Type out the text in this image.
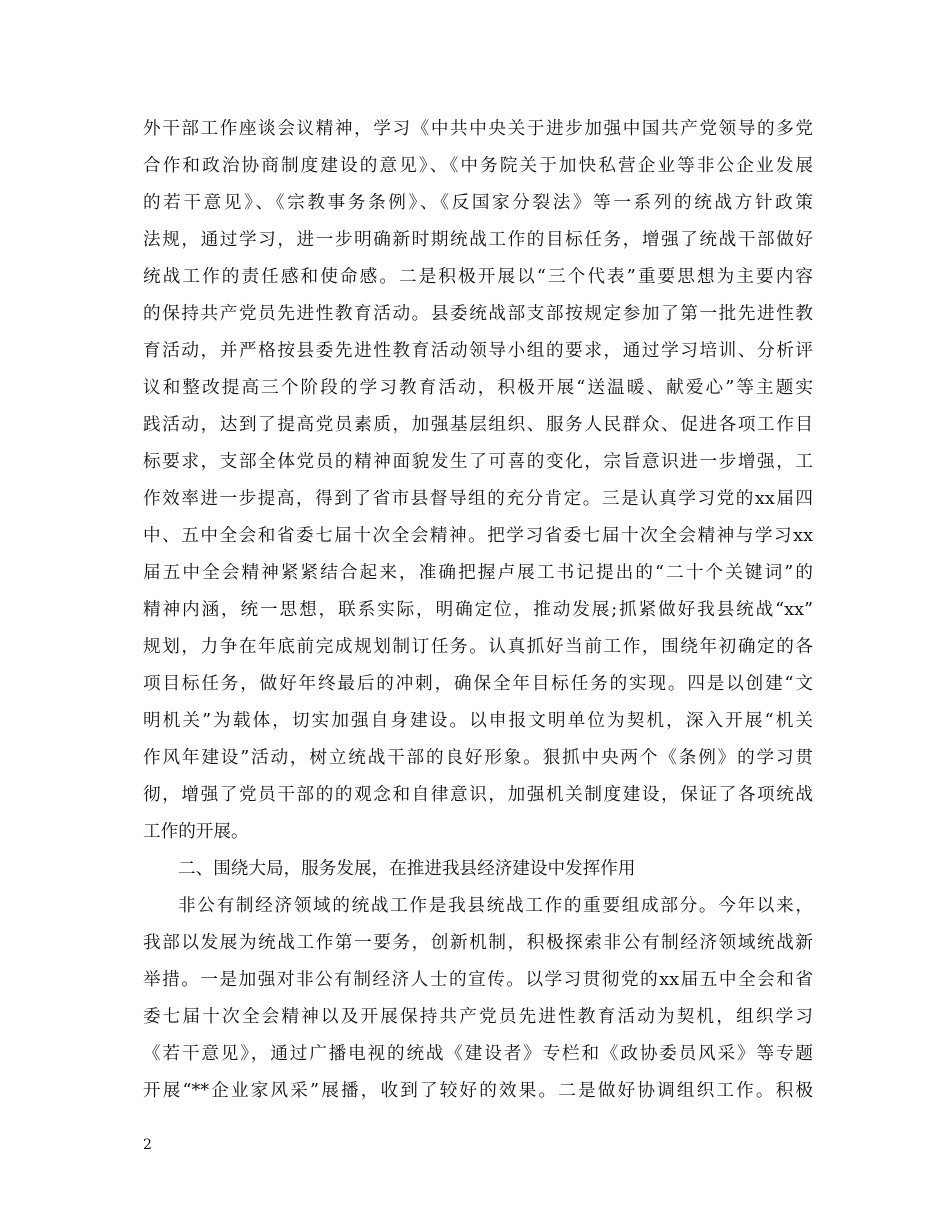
外干部工作座谈会议精神，学习《中共中央关于进步加强中国共产党领导的多党
合作和政治协商制度建设的意见》、《中务院关于加快私营企业等非公企业发展
的若干意见》、《宗教事务条例》、《反国家分裂法》等一系列的统战方针政策
法规，通过学习，进一步明确新时期统战工作的目标任务，增强了统战干部做好
统战工作的责任感和使命感。二是积极开展以“三个代表”重要思想为主要内容
的保持共产党员先进性教育活动。县委统战部支部按规定参加了第一批先进性教
育活动，并严格按县委先进性教育活动领导小组的要求，通过学习培训、分析评
议和整改提高三个阶段的学习教育活动，积极开展“送温暖、献爱心”等主题实
践活动，达到了提高党员素质，加强基层组织、服务人民群众、促进各项工作目
标要求，支部全体党员的精神面貌发生了可喜的变化，宗旨意识进一步增强，工
作效率进一步提高，得到了省市县督导组的充分肯定。三是认真学习党的xx届四
中、五中全会和省委七届十次全会精神。把学习省委七届十次全会精神与学习xx
届五中全会精神紧紧结合起来，准确把握卢展工书记提出的“二十个关键词”的
精神内涵，统一思想，联系实际，明确定位，推动发展;抓紧做好我县统战“xx”
规划，力争在年底前完成规划制订任务。认真抓好当前工作，围绕年初确定的各
项目标任务，做好年终最后的冲刺，确保全年目标任务的实现。四是以创建“文
明机关”为载体，切实加强自身建设。以申报文明单位为契机，深入开展“机关
作风年建设”活动，树立统战干部的良好形象。狠抓中央两个《条例》的学习贯
彻，增强了党员干部的的观念和自律意识，加强机关制度建设，保证了各项统战
工作的开展。
二、围绕大局，服务发展，在推进我县经济建设中发挥作用
非公有制经济领域的统战工作是我县统战工作的重要组成部分。今年以来，
我部以发展为统战工作第一要务，创新机制，积极探索非公有制经济领域统战新
举措。一是加强对非公有制经济人士的宣传。以学习贯彻党的xx届五中全会和省
委七届十次全会精神以及开展保持共产党员先进性教育活动为契机，组织学习
《若干意见》，通过广播电视的统战《建设者》专栏和《政协委员风采》等专题
开展“**企业家风采”展播，收到了较好的效果。二是做好协调组织工作。积极
2
